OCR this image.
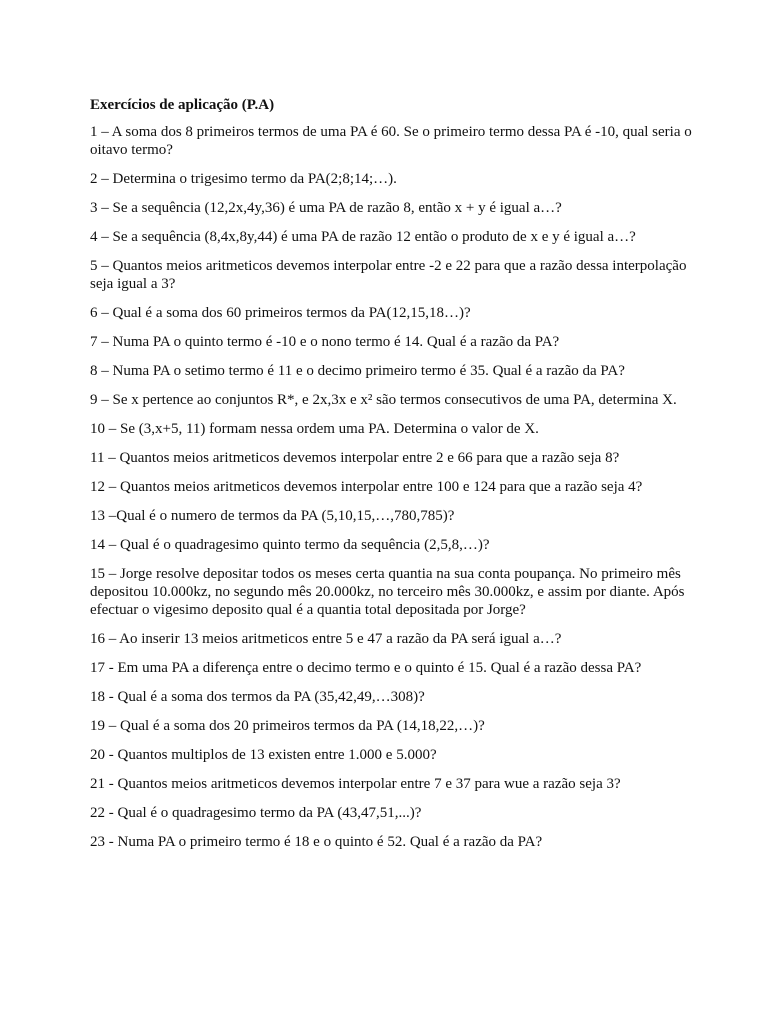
Exercícios de aplicação (P.A)
1 – A soma dos 8 primeiros termos de uma PA é 60. Se o primeiro termo dessa PA é -10, qual seria o oitavo termo?
2 – Determina o trigesimo termo da PA(2;8;14;…).
3 – Se a sequência (12,2x,4y,36) é uma PA de razão 8, então x + y é igual a…?
4 – Se a sequência (8,4x,8y,44) é uma PA de razão 12 então o produto de x e y é igual a…?
5 – Quantos meios aritmeticos devemos interpolar entre -2 e 22 para que a razão dessa interpolação seja igual a 3?
6 – Qual é a soma dos 60 primeiros termos da PA(12,15,18…)?
7 – Numa PA o quinto termo é -10 e o nono termo é 14. Qual é a razão da PA?
8 – Numa PA o setimo termo é 11 e o decimo primeiro termo é 35. Qual é a razão da PA?
9 – Se x pertence ao conjuntos R*, e 2x,3x e x² são termos consecutivos de uma PA, determina X.
10 – Se (3,x+5, 11) formam nessa ordem uma PA. Determina o valor de X.
11 – Quantos meios aritmeticos devemos interpolar entre 2 e 66 para que a razão seja 8?
12 – Quantos meios aritmeticos devemos interpolar entre 100 e 124 para que a razão seja 4?
13 –Qual é o numero de termos da PA (5,10,15,…,780,785)?
14 – Qual é o quadragesimo quinto termo da sequência (2,5,8,…)?
15 – Jorge resolve depositar todos os meses certa quantia na sua conta poupança. No primeiro mês depositou 10.000kz, no segundo mês 20.000kz, no terceiro mês 30.000kz, e assim por diante. Após efectuar o vigesimo deposito qual é a quantia total depositada por Jorge?
16 – Ao inserir 13 meios aritmeticos entre 5 e 47 a razão da PA será igual a…?
17 - Em uma PA a diferença entre o decimo termo e o quinto é 15. Qual é a razão dessa PA?
18 - Qual é a soma dos termos da PA (35,42,49,…308)?
19 – Qual é a soma dos 20 primeiros termos da PA (14,18,22,…)?
20 - Quantos multiplos de 13 existen entre 1.000 e 5.000?
21 - Quantos meios aritmeticos devemos interpolar entre 7 e 37 para wue a razão seja 3?
22 - Qual é o quadragesimo termo da PA (43,47,51,...)?
23 - Numa PA o primeiro termo é 18 e o quinto é 52. Qual é a razão da PA?
